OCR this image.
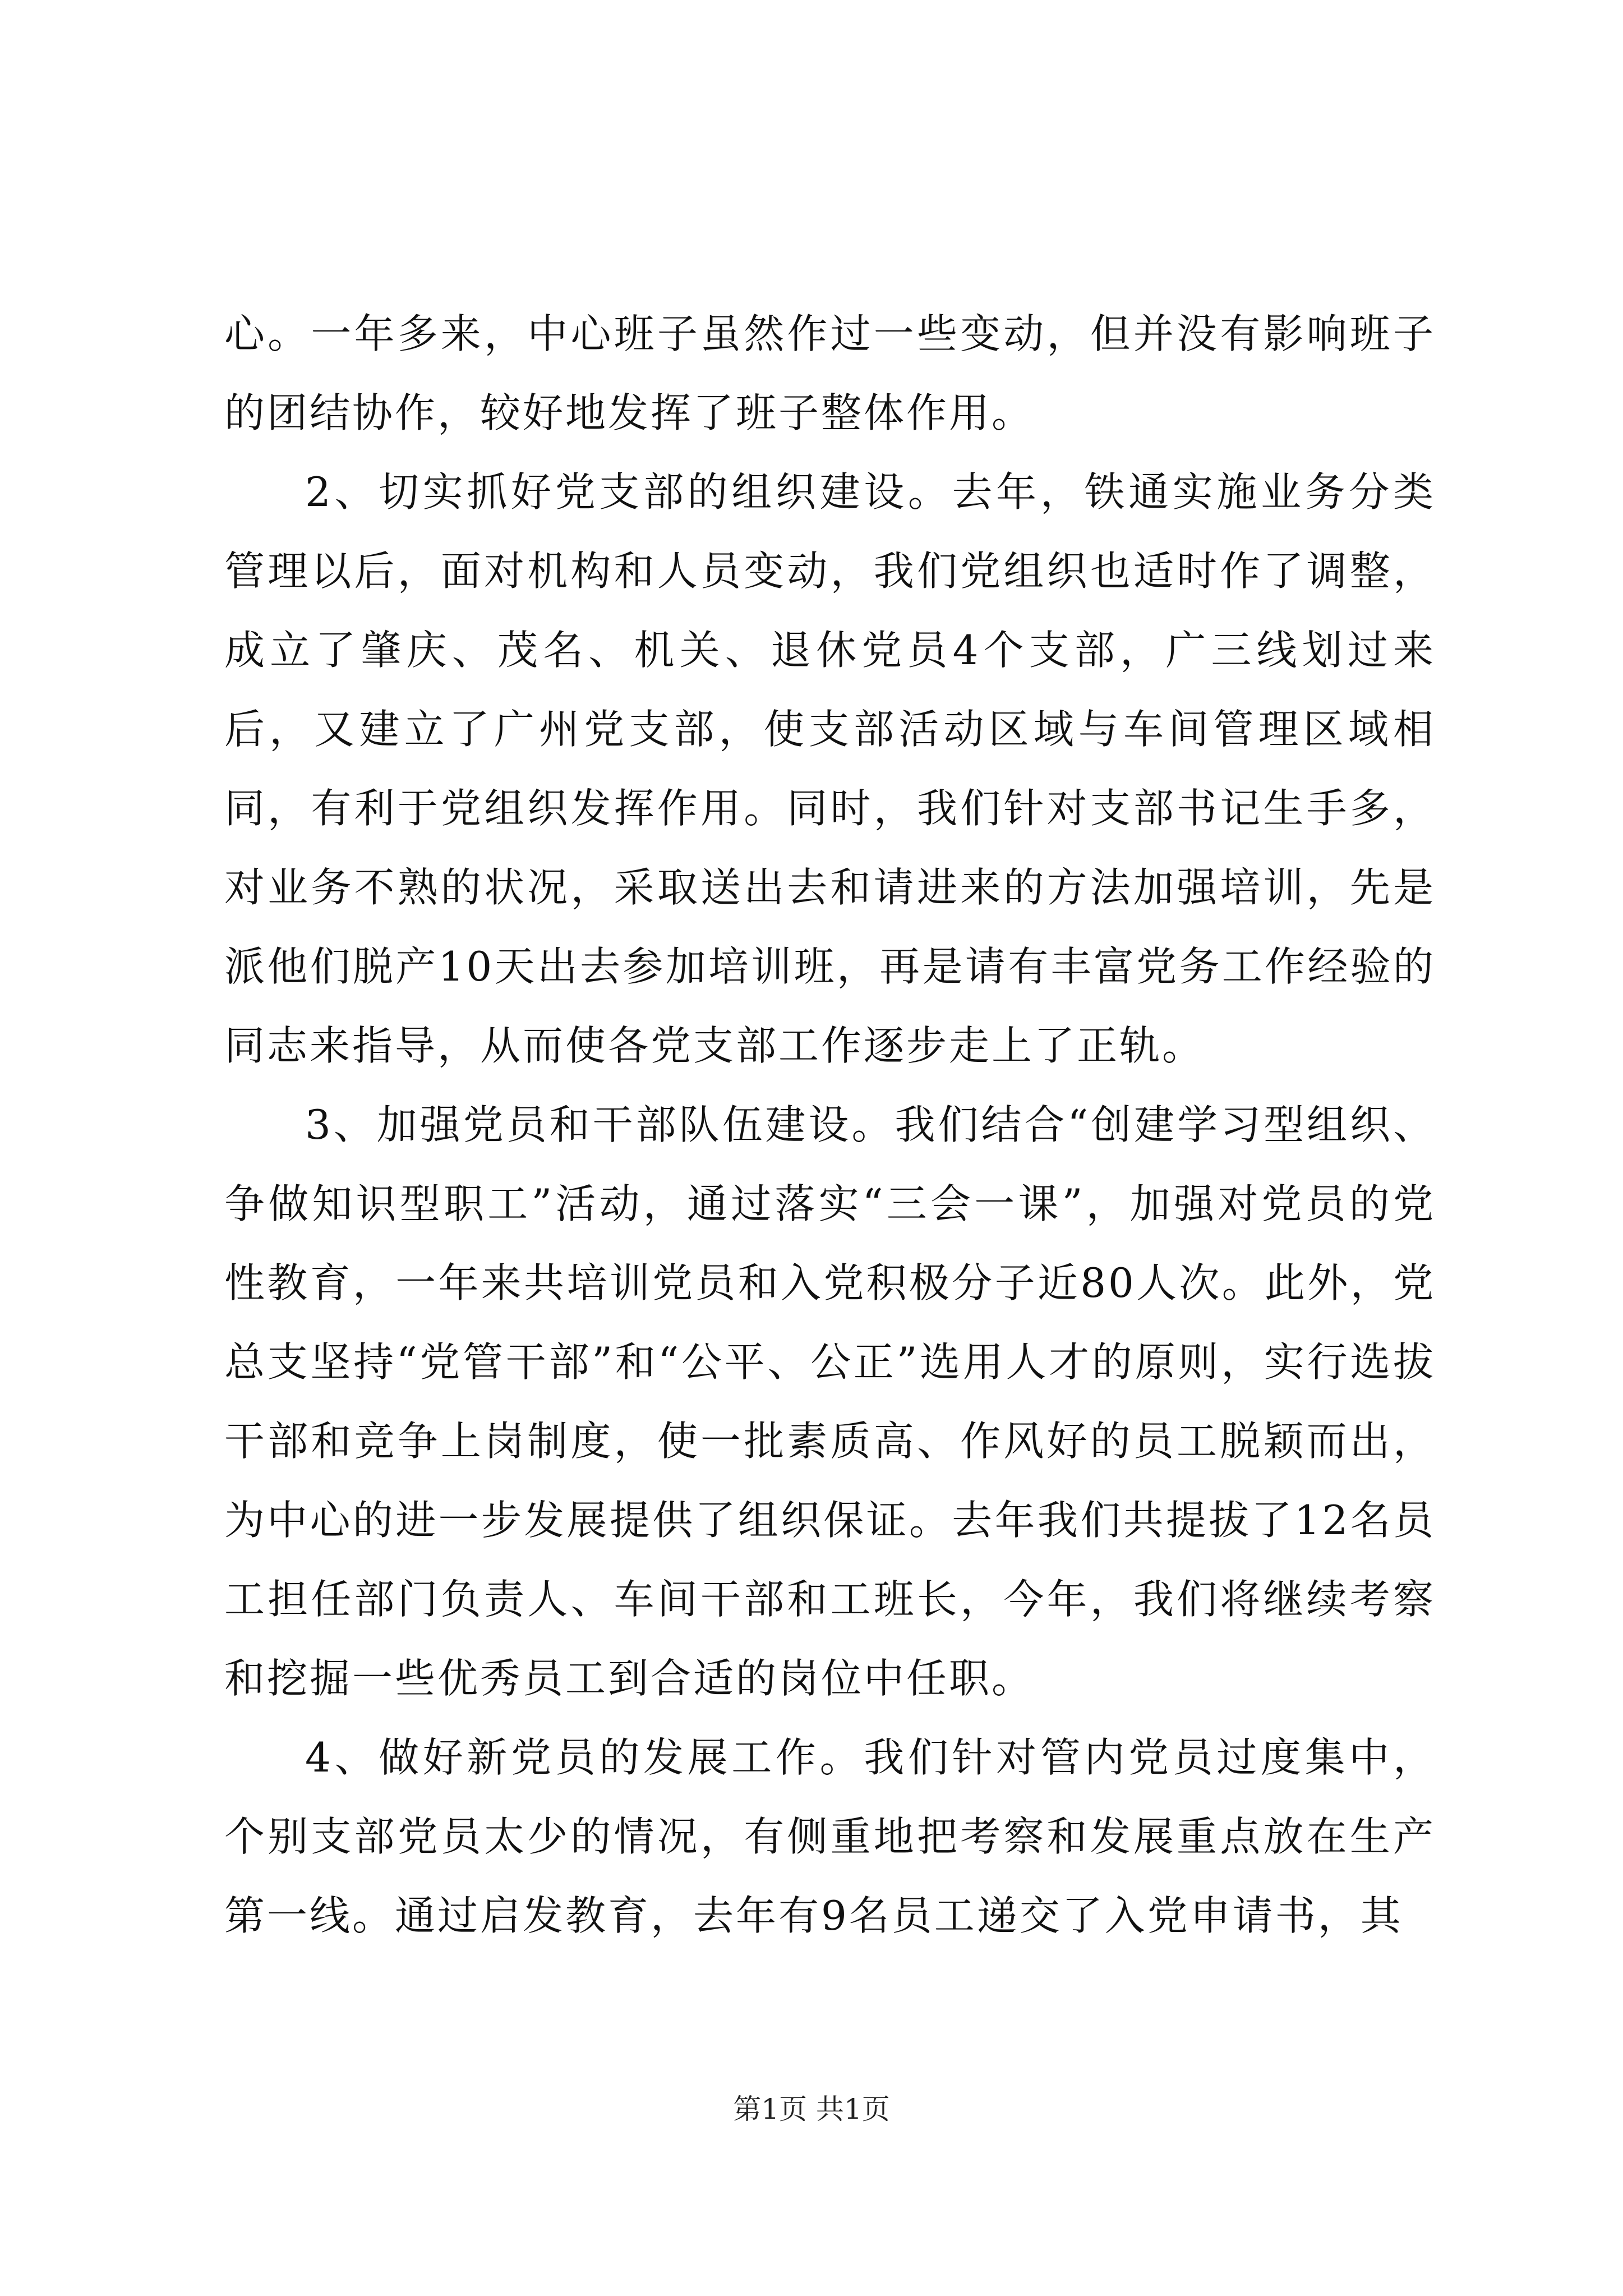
心。一年多来，中心班子虽然作过一些变动，但并没有影响班子的团结协作，较好地发挥了班子整体作用。

2、切实抓好党支部的组织建设。去年，铁通实施业务分类管理以后，面对机构和人员变动，我们党组织也适时作了调整，成立了肇庆、茂名、机关、退休党员4个支部，广三线划过来后，又建立了广州党支部，使支部活动区域与车间管理区域相同，有利于党组织发挥作用。同时，我们针对支部书记生手多，对业务不熟的状况，采取送出去和请进来的方法加强培训，先是派他们脱产10天出去参加培训班，再是请有丰富党务工作经验的同志来指导，从而使各党支部工作逐步走上了正轨。

3、加强党员和干部队伍建设。我们结合“创建学习型组织、争做知识型职工”活动，通过落实“三会一课”，加强对党员的党性教育，一年来共培训党员和入党积极分子近80人次。此外，党总支坚持“党管干部”和“公平、公正”选用人才的原则，实行选拔干部和竞争上岗制度，使一批素质高、作风好的员工脱颖而出，为中心的进一步发展提供了组织保证。去年我们共提拔了12名员工担任部门负责人、车间干部和工班长，今年，我们将继续考察和挖掘一些优秀员工到合适的岗位中任职。

4、做好新党员的发展工作。我们针对管内党员过度集中，个别支部党员太少的情况，有侧重地把考察和发展重点放在生产第一线。通过启发教育，去年有9名员工递交了入党申请书，其

第1页 共1页
